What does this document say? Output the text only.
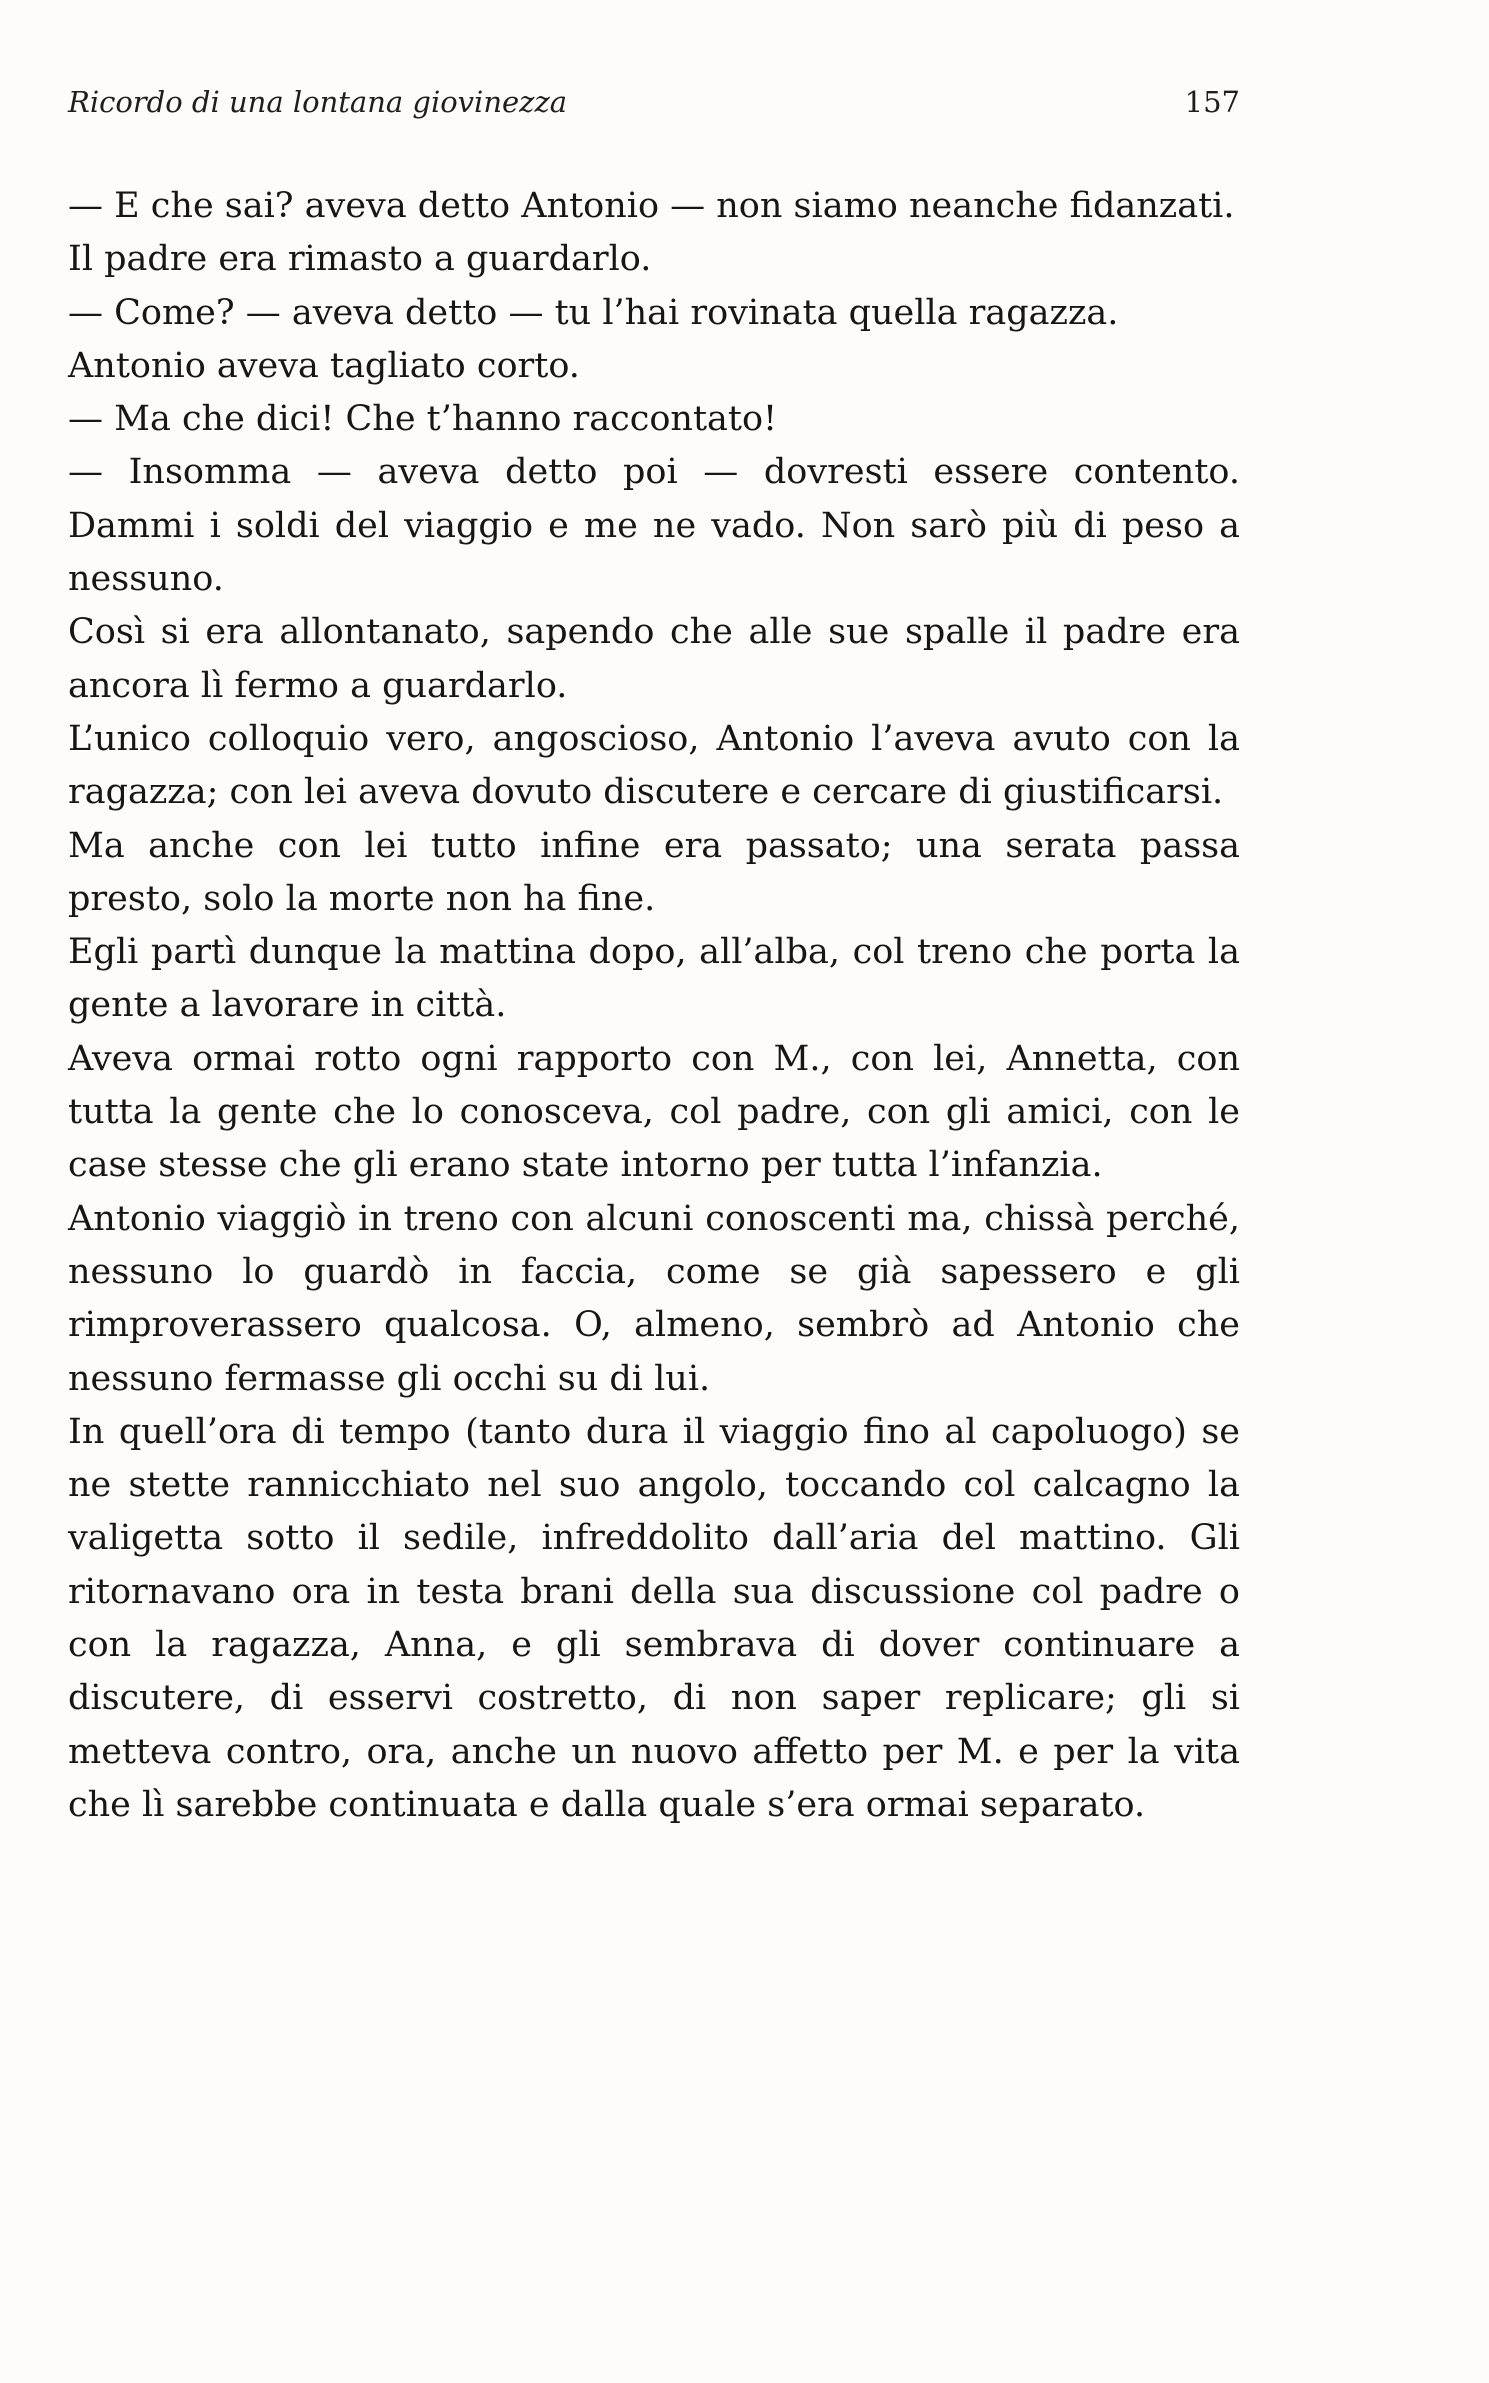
Ricordo di una lontana giovinezza	157

— E che sai? aveva detto Antonio — non siamo neanche fidanzati.

Il padre era rimasto a guardarlo.

— Come? — aveva detto — tu l’hai rovinata quella ragazza.

Antonio aveva tagliato corto.

— Ma che dici! Che t’hanno raccontato!

— Insomma — aveva detto poi — dovresti essere contento. Dammi i soldi del viaggio e me ne vado. Non sarò più di peso a nessuno.

Così si era allontanato, sapendo che alle sue spalle il padre era ancora lì fermo a guardarlo.

L’unico colloquio vero, angoscioso, Antonio l’aveva avuto con la ragazza; con lei aveva dovuto discutere e cercare di giustificarsi.

Ma anche con lei tutto infine era passato; una serata passa presto, solo la morte non ha fine.

Egli partì dunque la mattina dopo, all’alba, col treno che porta la gente a lavorare in città.

Aveva ormai rotto ogni rapporto con M., con lei, Annetta, con tutta la gente che lo conosceva, col padre, con gli amici, con le case stesse che gli erano state intorno per tutta l’infanzia.

Antonio viaggiò in treno con alcuni conoscenti ma, chissà perché, nessuno lo guardò in faccia, come se già sapessero e gli rimproverassero qualcosa. O, almeno, sembrò ad Antonio che nessuno fermasse gli occhi su di lui.

In quell’ora di tempo (tanto dura il viaggio fino al capoluogo) se ne stette rannicchiato nel suo angolo, toccando col calcagno la valigetta sotto il sedile, infreddolito dall’aria del mattino. Gli ritornavano ora in testa brani della sua discussione col padre o con la ragazza, Anna, e gli sembrava di dover continuare a discutere, di esservi costretto, di non saper replicare; gli si metteva contro, ora, anche un nuovo affetto per M. e per la vita che lì sarebbe continuata e dalla quale s’era ormai separato.
